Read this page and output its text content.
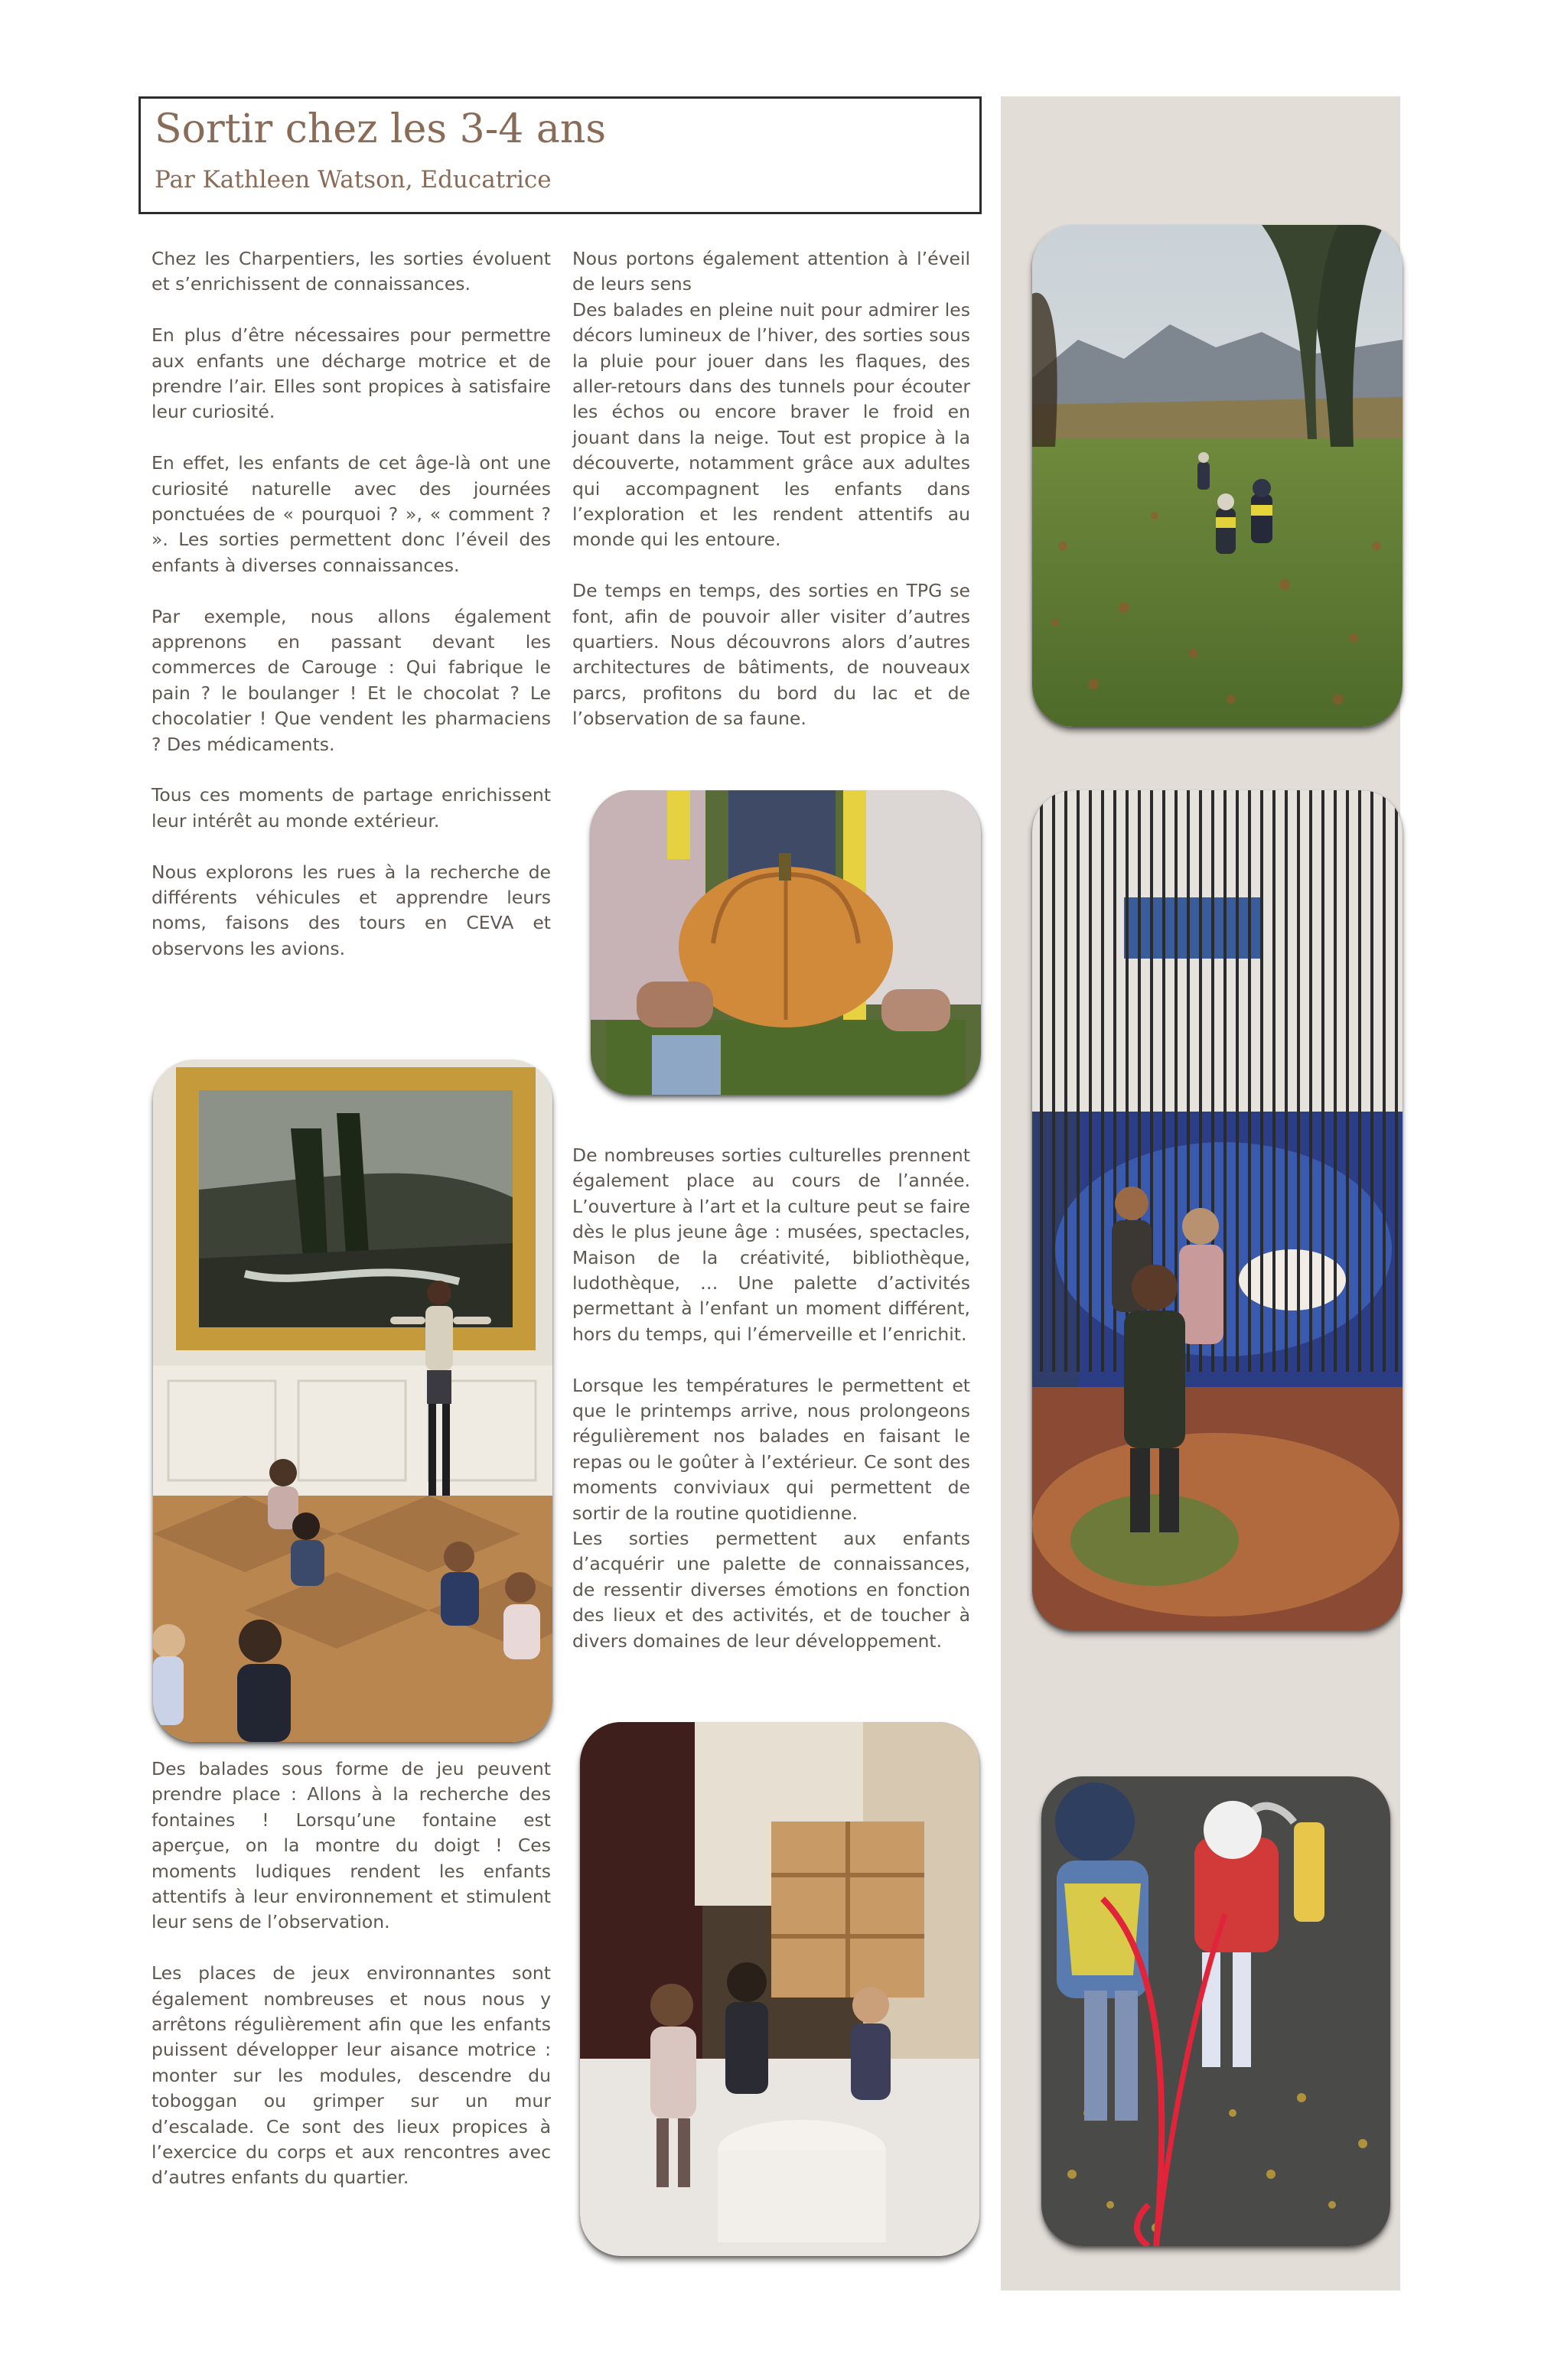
Sortir chez les 3-4 ans
Par Kathleen Watson, Educatrice

Chez les Charpentiers, les sorties évoluent et s’enrichissent de connaissances.

En plus d’être nécessaires pour permettre aux enfants une décharge motrice et de prendre l’air. Elles sont propices à satisfaire leur curiosité.

En effet, les enfants de cet âge-là ont une curiosité naturelle avec des journées ponctuées de « pourquoi ? », « comment ? ». Les sorties permettent donc l’éveil des enfants à diverses connaissances.

Par exemple, nous allons également apprenons en passant devant les commerces de Carouge : Qui fabrique le pain ? le boulanger ! Et le chocolat ? Le chocolatier ! Que vendent les pharmaciens ? Des médicaments.

Tous ces moments de partage enrichissent leur intérêt au monde extérieur.

Nous explorons les rues à la recherche de différents véhicules et apprendre leurs noms, faisons des tours en CEVA et observons les avions.

Nous portons également attention à l’éveil de leurs sens

Des balades en pleine nuit pour admirer les décors lumineux de l’hiver, des sorties sous la pluie pour jouer dans les flaques, des aller-retours dans des tunnels pour écouter les échos ou encore braver le froid en jouant dans la neige. Tout est propice à la découverte, notamment grâce aux adultes qui accompagnent les enfants dans l’exploration et les rendent attentifs au monde qui les entoure.

De temps en temps, des sorties en TPG se font, afin de pouvoir aller visiter d’autres quartiers. Nous découvrons alors d’autres architectures de bâtiments, de nouveaux parcs, profitons du bord du lac et de l’observation de sa faune.

De nombreuses sorties culturelles prennent également place au cours de l’année. L’ouverture à l’art et la culture peut se faire dès le plus jeune âge : musées, spectacles, Maison de la créativité, bibliothèque, ludothèque, … Une palette d’activités permettant à l’enfant un moment différent, hors du temps, qui l’émerveille et l’enrichit.

Lorsque les températures le permettent et que le printemps arrive, nous prolongeons régulièrement nos balades en faisant le repas ou le goûter à l’extérieur. Ce sont des moments conviviaux qui permettent de sortir de la routine quotidienne.

Les sorties permettent aux enfants d’acquérir une palette de connaissances, de ressentir diverses émotions en fonction des lieux et des activités, et de toucher à divers domaines de leur développement.

Des balades sous forme de jeu peuvent prendre place : Allons à la recherche des fontaines ! Lorsqu’une fontaine est aperçue, on la montre du doigt ! Ces moments ludiques rendent les enfants attentifs à leur environnement et stimulent leur sens de l’observation.

Les places de jeux environnantes sont également nombreuses et nous nous y arrêtons régulièrement afin que les enfants puissent développer leur aisance motrice : monter sur les modules, descendre du toboggan ou grimper sur un mur d’escalade. Ce sont des lieux propices à l’exercice du corps et aux rencontres avec d’autres enfants du quartier.
